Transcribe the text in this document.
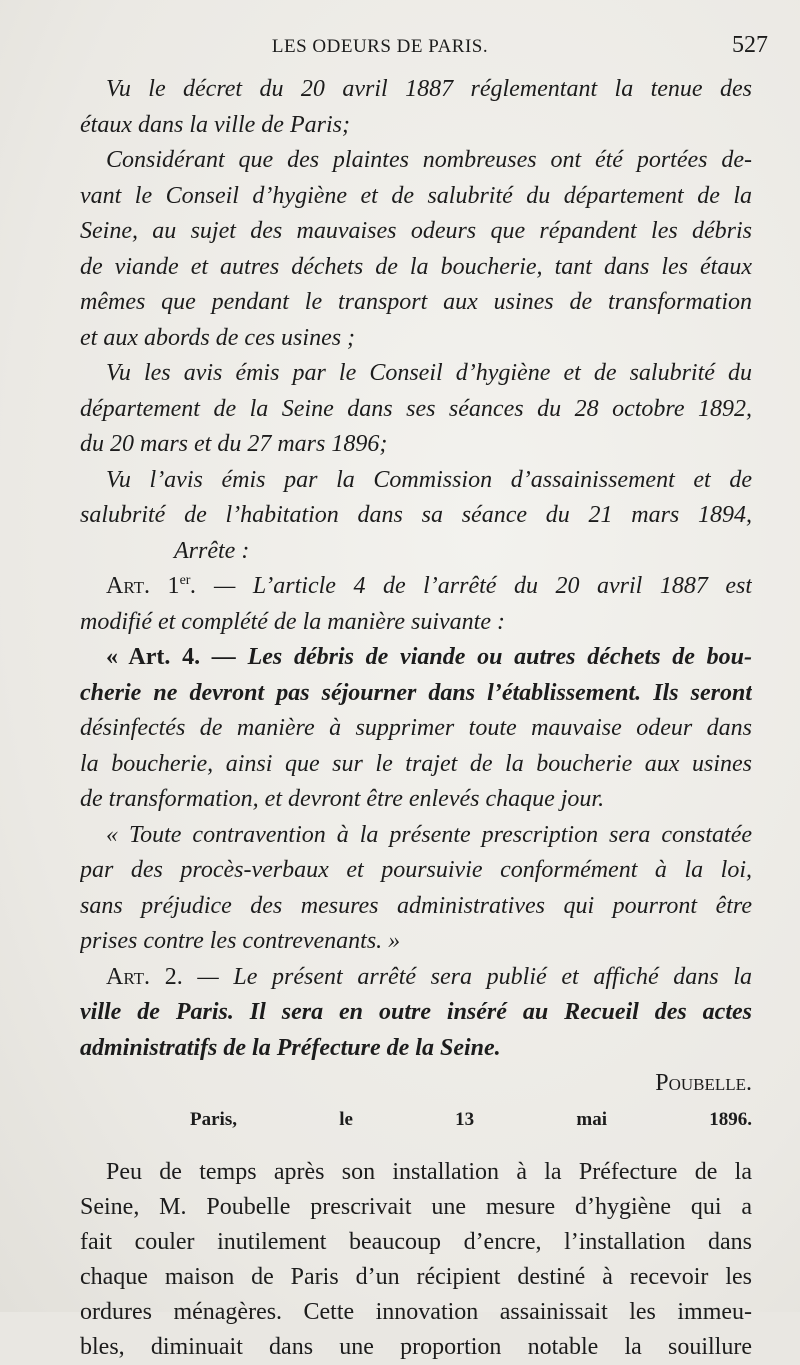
LES ODEURS DE PARIS.	527
Vu le décret du 20 avril 1887 réglementant la tenue des
étaux dans la ville de Paris;
Considérant que des plaintes nombreuses ont été portées de-
vant le Conseil d’hygiène et de salubrité du département de la
Seine, au sujet des mauvaises odeurs que répandent les débris
de viande et autres déchets de la boucherie, tant dans les étaux
mêmes que pendant le transport aux usines de transformation
et aux abords de ces usines ;
Vu les avis émis par le Conseil d’hygiène et de salubrité du
département de la Seine dans ses séances du 28 octobre 1892,
du 20 mars et du 27 mars 1896;
Vu l’avis émis par la Commission d’assainissement et de
salubrité de l’habitation dans sa séance du 21 mars 1894,
Arrête :
Art. 1er. — L’article 4 de l’arrêté du 20 avril 1887 est
modifié et complété de la manière suivante :
« Art. 4. — Les débris de viande ou autres déchets de bou-
cherie ne devront pas séjourner dans l’établissement. Ils seront
désinfectés de manière à supprimer toute mauvaise odeur dans
la boucherie, ainsi que sur le trajet de la boucherie aux usines
de transformation, et devront être enlevés chaque jour.
« Toute contravention à la présente prescription sera constatée
par des procès-verbaux et poursuivie conformément à la loi,
sans préjudice des mesures administratives qui pourront être
prises contre les contrevenants. »
Art. 2. — Le présent arrêté sera publié et affiché dans la
ville de Paris. Il sera en outre inséré au Recueil des actes
administratifs de la Préfecture de la Seine.
Poubelle.
Paris, le 13 mai 1896.
Peu de temps après son installation à la Préfecture de la
Seine, M. Poubelle prescrivait une mesure d’hygiène qui a
fait couler inutilement beaucoup d’encre, l’installation dans
chaque maison de Paris d’un récipient destiné à recevoir les
ordures ménagères. Cette innovation assainissait les immeu-
bles, diminuait dans une proportion notable la souillure
